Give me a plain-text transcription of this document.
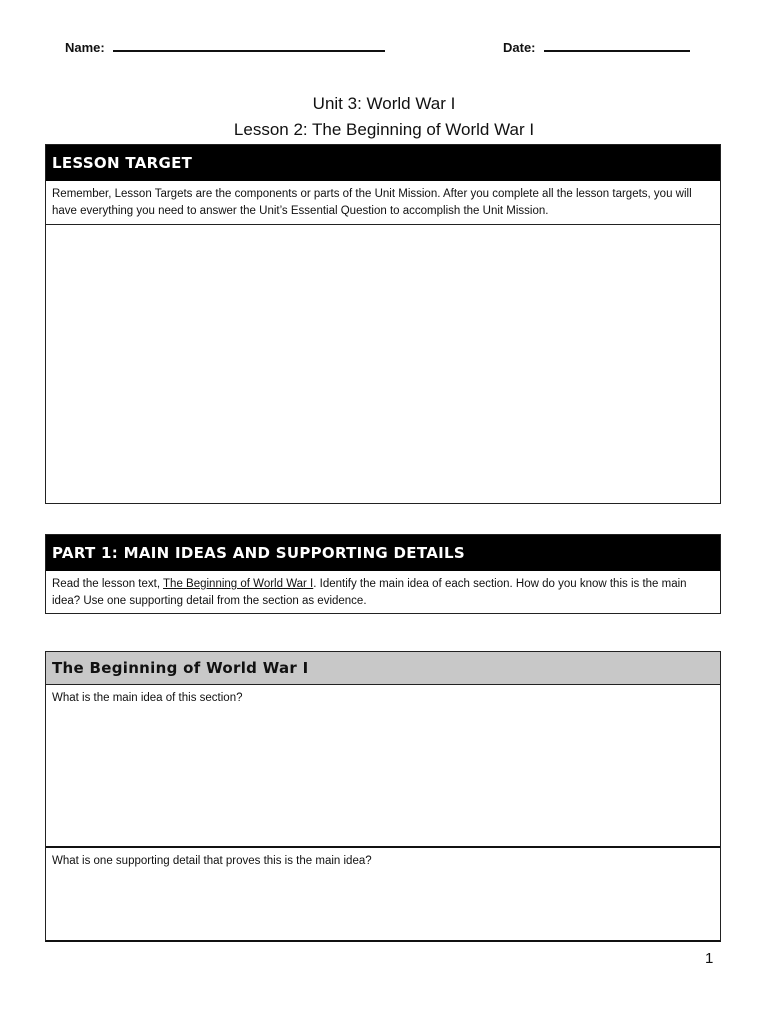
Name:	Date:
Unit 3: World War I
Lesson 2: The Beginning of World War I
LESSON TARGET
Remember, Lesson Targets are the components or parts of the Unit Mission. After you complete all the lesson targets, you will have everything you need to answer the Unit’s Essential Question to accomplish the Unit Mission.
PART 1: MAIN IDEAS AND SUPPORTING DETAILS
Read the lesson text, The Beginning of World War I. Identify the main idea of each section. How do you know this is the main idea? Use one supporting detail from the section as evidence.
The Beginning of World War I
What is the main idea of this section?
What is one supporting detail that proves this is the main idea?
1
